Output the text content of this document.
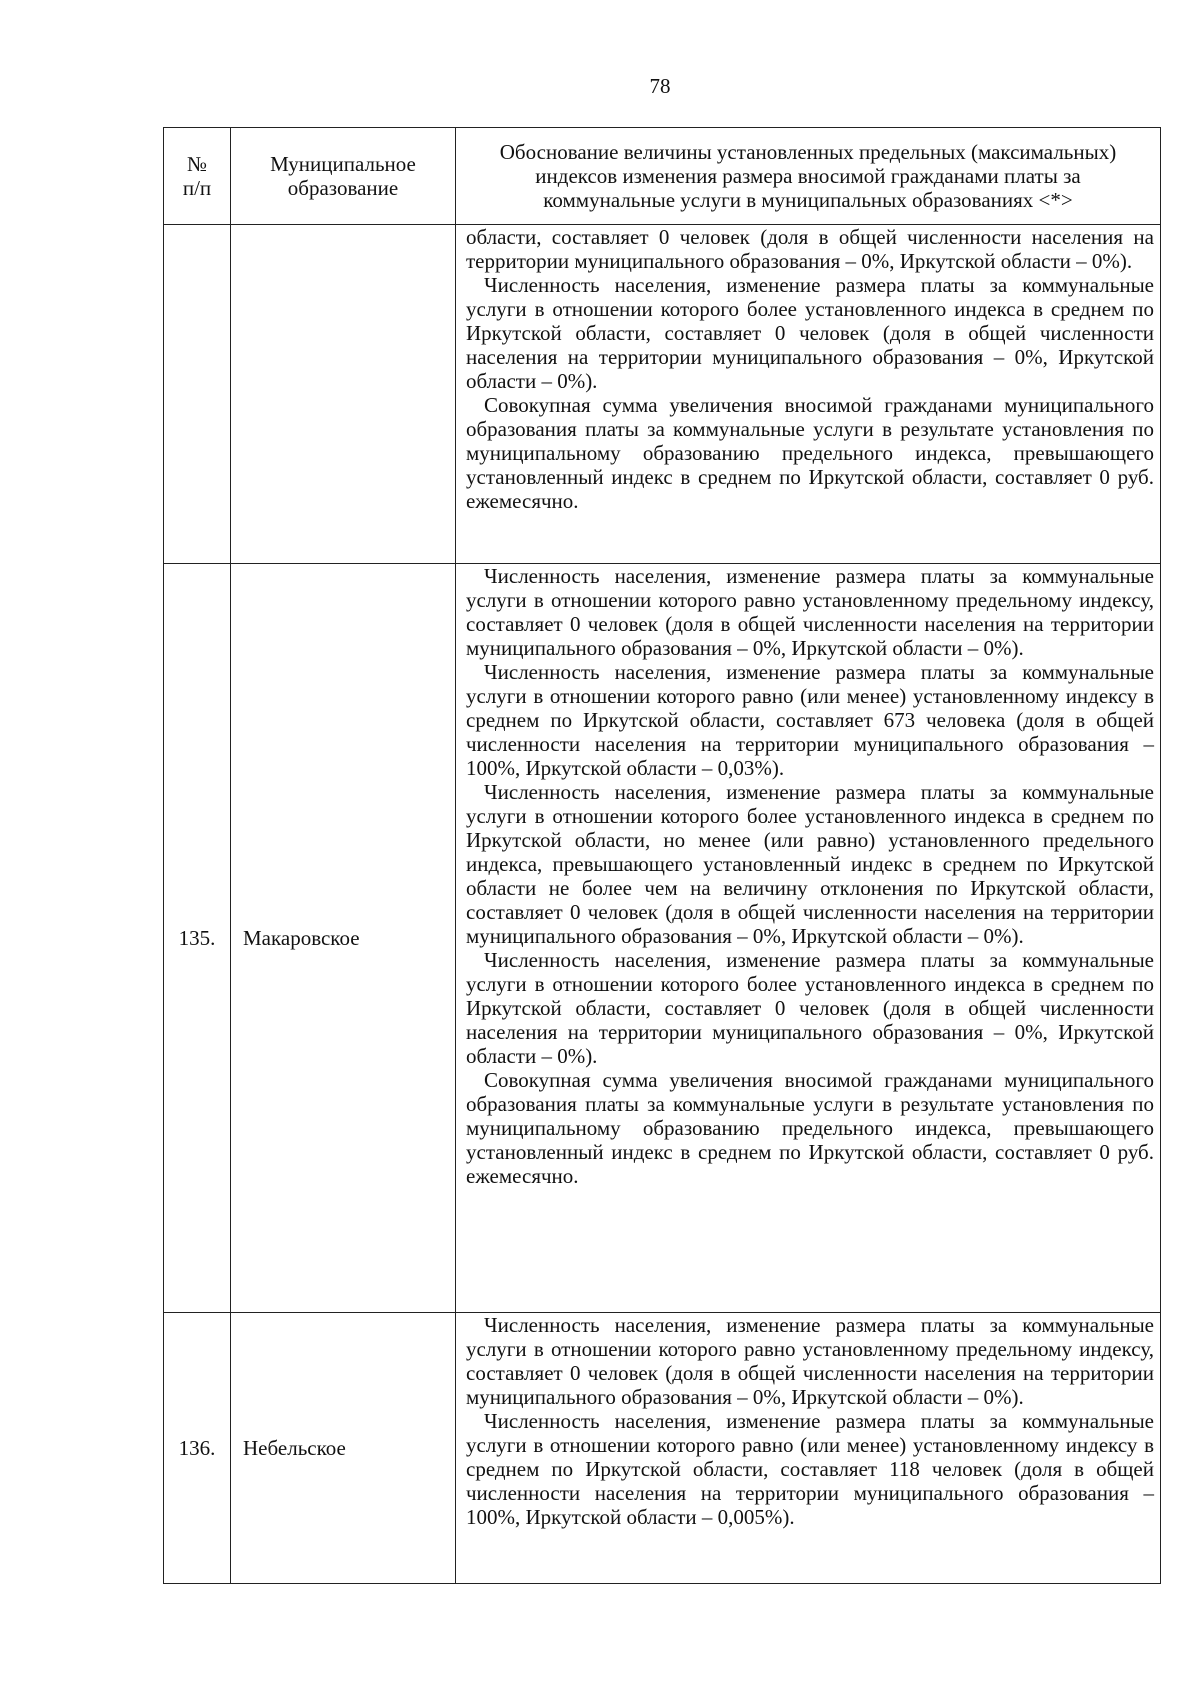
78
№
п/п	Муниципальное образование	Обоснование величины установленных предельных (максимальных) индексов изменения размера вносимой гражданами платы за коммунальные услуги в муниципальных образованиях <*>

		области, составляет 0 человек (доля в общей численности населения на территории муниципального образования – 0%, Иркутской области – 0%).

Численность населения, изменение размера платы за коммунальные услуги в отношении которого более установленного индекса в среднем по Иркутской области, составляет 0 человек (доля в общей численности населения на территории муниципального образования – 0%, Иркутской области – 0%).

Совокупная сумма увеличения вносимой гражданами муниципального образования платы за коммунальные услуги в результате установления по муниципальному образованию предельного индекса, превышающего установленный индекс в среднем по Иркутской области, составляет 0 руб. ежемесячно.

135.	Макаровское	Численность населения, изменение размера платы за коммунальные услуги в отношении которого равно установленному предельному индексу, составляет 0 человек (доля в общей численности населения на территории муниципального образования – 0%, Иркутской области – 0%).

Численность населения, изменение размера платы за коммунальные услуги в отношении которого равно (или менее) установленному индексу в среднем по Иркутской области, составляет 673 человека (доля в общей численности населения на территории муниципального образования – 100%, Иркутской области – 0,03%).

Численность населения, изменение размера платы за коммунальные услуги в отношении которого более установленного индекса в среднем по Иркутской области, но менее (или равно) установленного предельного индекса, превышающего установленный индекс в среднем по Иркутской области не более чем на величину отклонения по Иркутской области, составляет 0 человек (доля в общей численности населения на территории муниципального образования – 0%, Иркутской области – 0%).

Численность населения, изменение размера платы за коммунальные услуги в отношении которого более установленного индекса в среднем по Иркутской области, составляет 0 человек (доля в общей численности населения на территории муниципального образования – 0%, Иркутской области – 0%).

Совокупная сумма увеличения вносимой гражданами муниципального образования платы за коммунальные услуги в результате установления по муниципальному образованию предельного индекса, превышающего установленный индекс в среднем по Иркутской области, составляет 0 руб. ежемесячно.

136.	Небельское	Численность населения, изменение размера платы за коммунальные услуги в отношении которого равно установленному предельному индексу, составляет 0 человек (доля в общей численности населения на территории муниципального образования – 0%, Иркутской области – 0%).

Численность населения, изменение размера платы за коммунальные услуги в отношении которого равно (или менее) установленному индексу в среднем по Иркутской области, составляет 118 человек (доля в общей численности населения на территории муниципального образования – 100%, Иркутской области – 0,005%).
